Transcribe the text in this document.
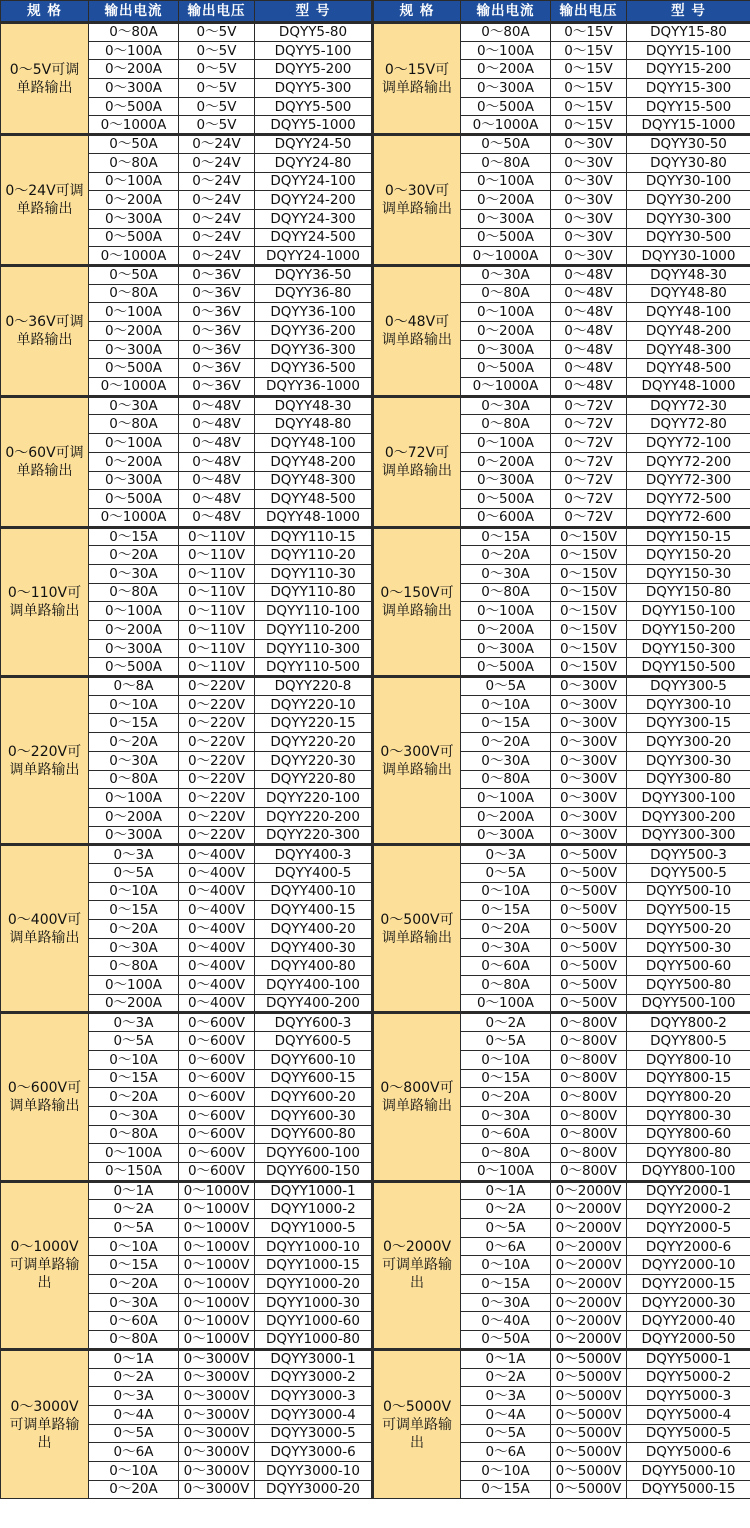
规 格	输出电流	输出电压	型 号	规 格	输出电流	输出电压	型 号
0～5V可调单路输出	0～80A	0～5V	DQYY5-80	0～15V可调单路输出	0～80A	0～15V	DQYY15-80
	0～100A	0～5V	DQYY5-100		0～100A	0～15V	DQYY15-100
	0～200A	0～5V	DQYY5-200		0～200A	0～15V	DQYY15-200
	0～300A	0～5V	DQYY5-300		0～300A	0～15V	DQYY15-300
	0～500A	0～5V	DQYY5-500		0～500A	0～15V	DQYY15-500
	0～1000A	0～5V	DQYY5-1000		0～1000A	0～15V	DQYY15-1000
0～24V可调单路输出	0～50A	0～24V	DQYY24-50	0～30V可调单路输出	0～50A	0～30V	DQYY30-50
	0～80A	0～24V	DQYY24-80		0～80A	0～30V	DQYY30-80
	0～100A	0～24V	DQYY24-100		0～100A	0～30V	DQYY30-100
	0～200A	0～24V	DQYY24-200		0～200A	0～30V	DQYY30-200
	0～300A	0～24V	DQYY24-300		0～300A	0～30V	DQYY30-300
	0～500A	0～24V	DQYY24-500		0～500A	0～30V	DQYY30-500
	0～1000A	0～24V	DQYY24-1000		0～1000A	0～30V	DQYY30-1000
0～36V可调单路输出	0～50A	0～36V	DQYY36-50	0～48V可调单路输出	0～30A	0～48V	DQYY48-30
	0～80A	0～36V	DQYY36-80		0～80A	0～48V	DQYY48-80
	0～100A	0～36V	DQYY36-100		0～100A	0～48V	DQYY48-100
	0～200A	0～36V	DQYY36-200		0～200A	0～48V	DQYY48-200
	0～300A	0～36V	DQYY36-300		0～300A	0～48V	DQYY48-300
	0～500A	0～36V	DQYY36-500		0～500A	0～48V	DQYY48-500
	0～1000A	0～36V	DQYY36-1000		0～1000A	0～48V	DQYY48-1000
0～60V可调单路输出	0～30A	0～48V	DQYY48-30	0～72V可调单路输出	0～30A	0～72V	DQYY72-30
	0～80A	0～48V	DQYY48-80		0～80A	0～72V	DQYY72-80
	0～100A	0～48V	DQYY48-100		0～100A	0～72V	DQYY72-100
	0～200A	0～48V	DQYY48-200		0～200A	0～72V	DQYY72-200
	0～300A	0～48V	DQYY48-300		0～300A	0～72V	DQYY72-300
	0～500A	0～48V	DQYY48-500		0～500A	0～72V	DQYY72-500
	0～1000A	0～48V	DQYY48-1000		0～600A	0～72V	DQYY72-600
0～110V可调单路输出	0～15A	0～110V	DQYY110-15	0～150V可调单路输出	0～15A	0～150V	DQYY150-15
	0～20A	0～110V	DQYY110-20		0～20A	0～150V	DQYY150-20
	0～30A	0～110V	DQYY110-30		0～30A	0～150V	DQYY150-30
	0～80A	0～110V	DQYY110-80		0～80A	0～150V	DQYY150-80
	0～100A	0～110V	DQYY110-100		0～100A	0～150V	DQYY150-100
	0～200A	0～110V	DQYY110-200		0～200A	0～150V	DQYY150-200
	0～300A	0～110V	DQYY110-300		0～300A	0～150V	DQYY150-300
	0～500A	0～110V	DQYY110-500		0～500A	0～150V	DQYY150-500
0～220V可调单路输出	0～8A	0～220V	DQYY220-8	0～300V可调单路输出	0～5A	0～300V	DQYY300-5
	0～10A	0～220V	DQYY220-10		0～10A	0～300V	DQYY300-10
	0～15A	0～220V	DQYY220-15		0～15A	0～300V	DQYY300-15
	0～20A	0～220V	DQYY220-20		0～20A	0～300V	DQYY300-20
	0～30A	0～220V	DQYY220-30		0～30A	0～300V	DQYY300-30
	0～80A	0～220V	DQYY220-80		0～80A	0～300V	DQYY300-80
	0～100A	0～220V	DQYY220-100		0～100A	0～300V	DQYY300-100
	0～200A	0～220V	DQYY220-200		0～200A	0～300V	DQYY300-200
	0～300A	0～220V	DQYY220-300		0～300A	0～300V	DQYY300-300
0～400V可调单路输出	0～3A	0～400V	DQYY400-3	0～500V可调单路输出	0～3A	0～500V	DQYY500-3
	0～5A	0～400V	DQYY400-5		0～5A	0～500V	DQYY500-5
	0～10A	0～400V	DQYY400-10		0～10A	0～500V	DQYY500-10
	0～15A	0～400V	DQYY400-15		0～15A	0～500V	DQYY500-15
	0～20A	0～400V	DQYY400-20		0～20A	0～500V	DQYY500-20
	0～30A	0～400V	DQYY400-30		0～30A	0～500V	DQYY500-30
	0～80A	0～400V	DQYY400-80		0～60A	0～500V	DQYY500-60
	0～100A	0～400V	DQYY400-100		0～80A	0～500V	DQYY500-80
	0～200A	0～400V	DQYY400-200		0～100A	0～500V	DQYY500-100
0～600V可调单路输出	0～3A	0～600V	DQYY600-3	0～800V可调单路输出	0～2A	0～800V	DQYY800-2
	0～5A	0～600V	DQYY600-5		0～5A	0～800V	DQYY800-5
	0～10A	0～600V	DQYY600-10		0～10A	0～800V	DQYY800-10
	0～15A	0～600V	DQYY600-15		0～15A	0～800V	DQYY800-15
	0～20A	0～600V	DQYY600-20		0～20A	0～800V	DQYY800-20
	0～30A	0～600V	DQYY600-30		0～30A	0～800V	DQYY800-30
	0～80A	0～600V	DQYY600-80		0～60A	0～800V	DQYY800-60
	0～100A	0～600V	DQYY600-100		0～80A	0～800V	DQYY800-80
	0～150A	0～600V	DQYY600-150		0～100A	0～800V	DQYY800-100
0～1000V可调单路输出	0～1A	0～1000V	DQYY1000-1	0～2000V可调单路输出	0～1A	0～2000V	DQYY2000-1
	0～2A	0～1000V	DQYY1000-2		0～2A	0～2000V	DQYY2000-2
	0～5A	0～1000V	DQYY1000-5		0～5A	0～2000V	DQYY2000-5
	0～10A	0～1000V	DQYY1000-10		0～6A	0～2000V	DQYY2000-6
	0～15A	0～1000V	DQYY1000-15		0～10A	0～2000V	DQYY2000-10
	0～20A	0～1000V	DQYY1000-20		0～15A	0～2000V	DQYY2000-15
	0～30A	0～1000V	DQYY1000-30		0～30A	0～2000V	DQYY2000-30
	0～60A	0～1000V	DQYY1000-60		0～40A	0～2000V	DQYY2000-40
	0～80A	0～1000V	DQYY1000-80		0～50A	0～2000V	DQYY2000-50
0～3000V可调单路输出	0～1A	0～3000V	DQYY3000-1	0～5000V可调单路输出	0～1A	0～5000V	DQYY5000-1
	0～2A	0～3000V	DQYY3000-2		0～2A	0～5000V	DQYY5000-2
	0～3A	0～3000V	DQYY3000-3		0～3A	0～5000V	DQYY5000-3
	0～4A	0～3000V	DQYY3000-4		0～4A	0～5000V	DQYY5000-4
	0～5A	0～3000V	DQYY3000-5		0～5A	0～5000V	DQYY5000-5
	0～6A	0～3000V	DQYY3000-6		0～6A	0～5000V	DQYY5000-6
	0～10A	0～3000V	DQYY3000-10		0～10A	0～5000V	DQYY5000-10
	0～20A	0～3000V	DQYY3000-20		0～15A	0～5000V	DQYY5000-15
